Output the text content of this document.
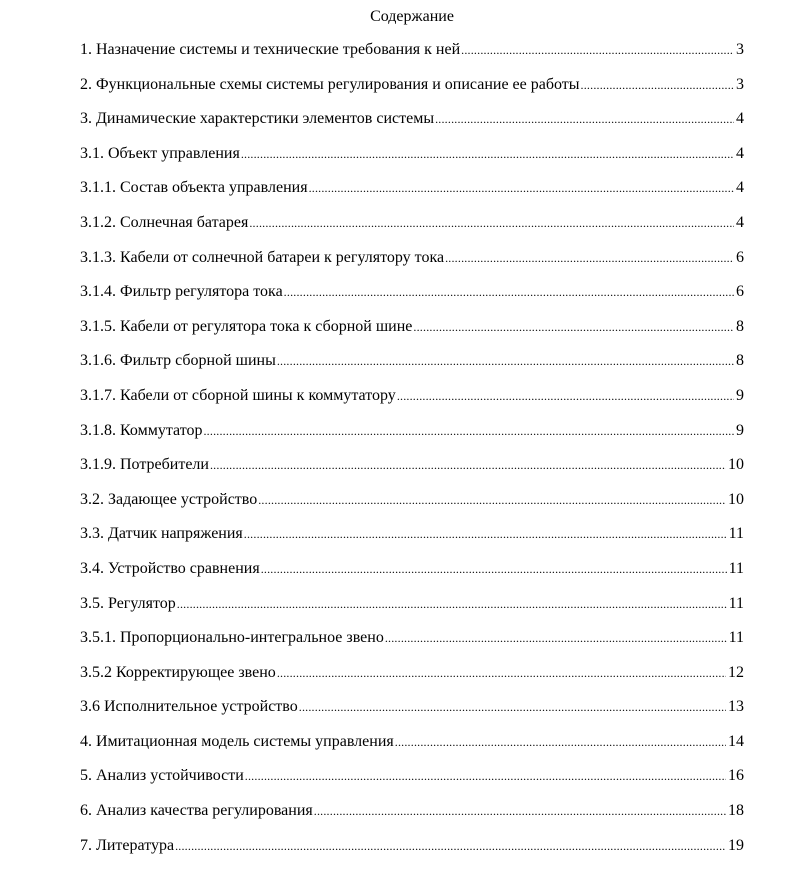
Содержание
1. Назначение системы и технические требования к ней .....	3
2. Функциональные схемы системы регулирования и описание ее работы .....	3
3. Динамические характерстики элементов системы .....	4
3.1. Объект управления .....	4
3.1.1. Состав объекта управления .....	4
3.1.2. Солнечная батарея .....	4
3.1.3. Кабели от солнечной батареи к регулятору тока .....	6
3.1.4. Фильтр регулятора тока .....	6
3.1.5. Кабели от регулятора тока к сборной шине .....	8
3.1.6. Фильтр сборной шины .....	8
3.1.7. Кабели от сборной шины к коммутатору .....	9
3.1.8. Коммутатор .....	9
3.1.9. Потребители .....	10
3.2. Задающее устройство .....	10
3.3. Датчик напряжения .....	11
3.4. Устройство сравнения .....	11
3.5. Регулятор .....	11
3.5.1. Пропорционально-интегральное звено .....	11
3.5.2 Корректирующее звено .....	12
3.6 Исполнительное устройство .....	13
4. Имитационная модель системы управления .....	14
5. Анализ устойчивости .....	16
6. Анализ качества регулирования .....	18
7. Литература .....	19
